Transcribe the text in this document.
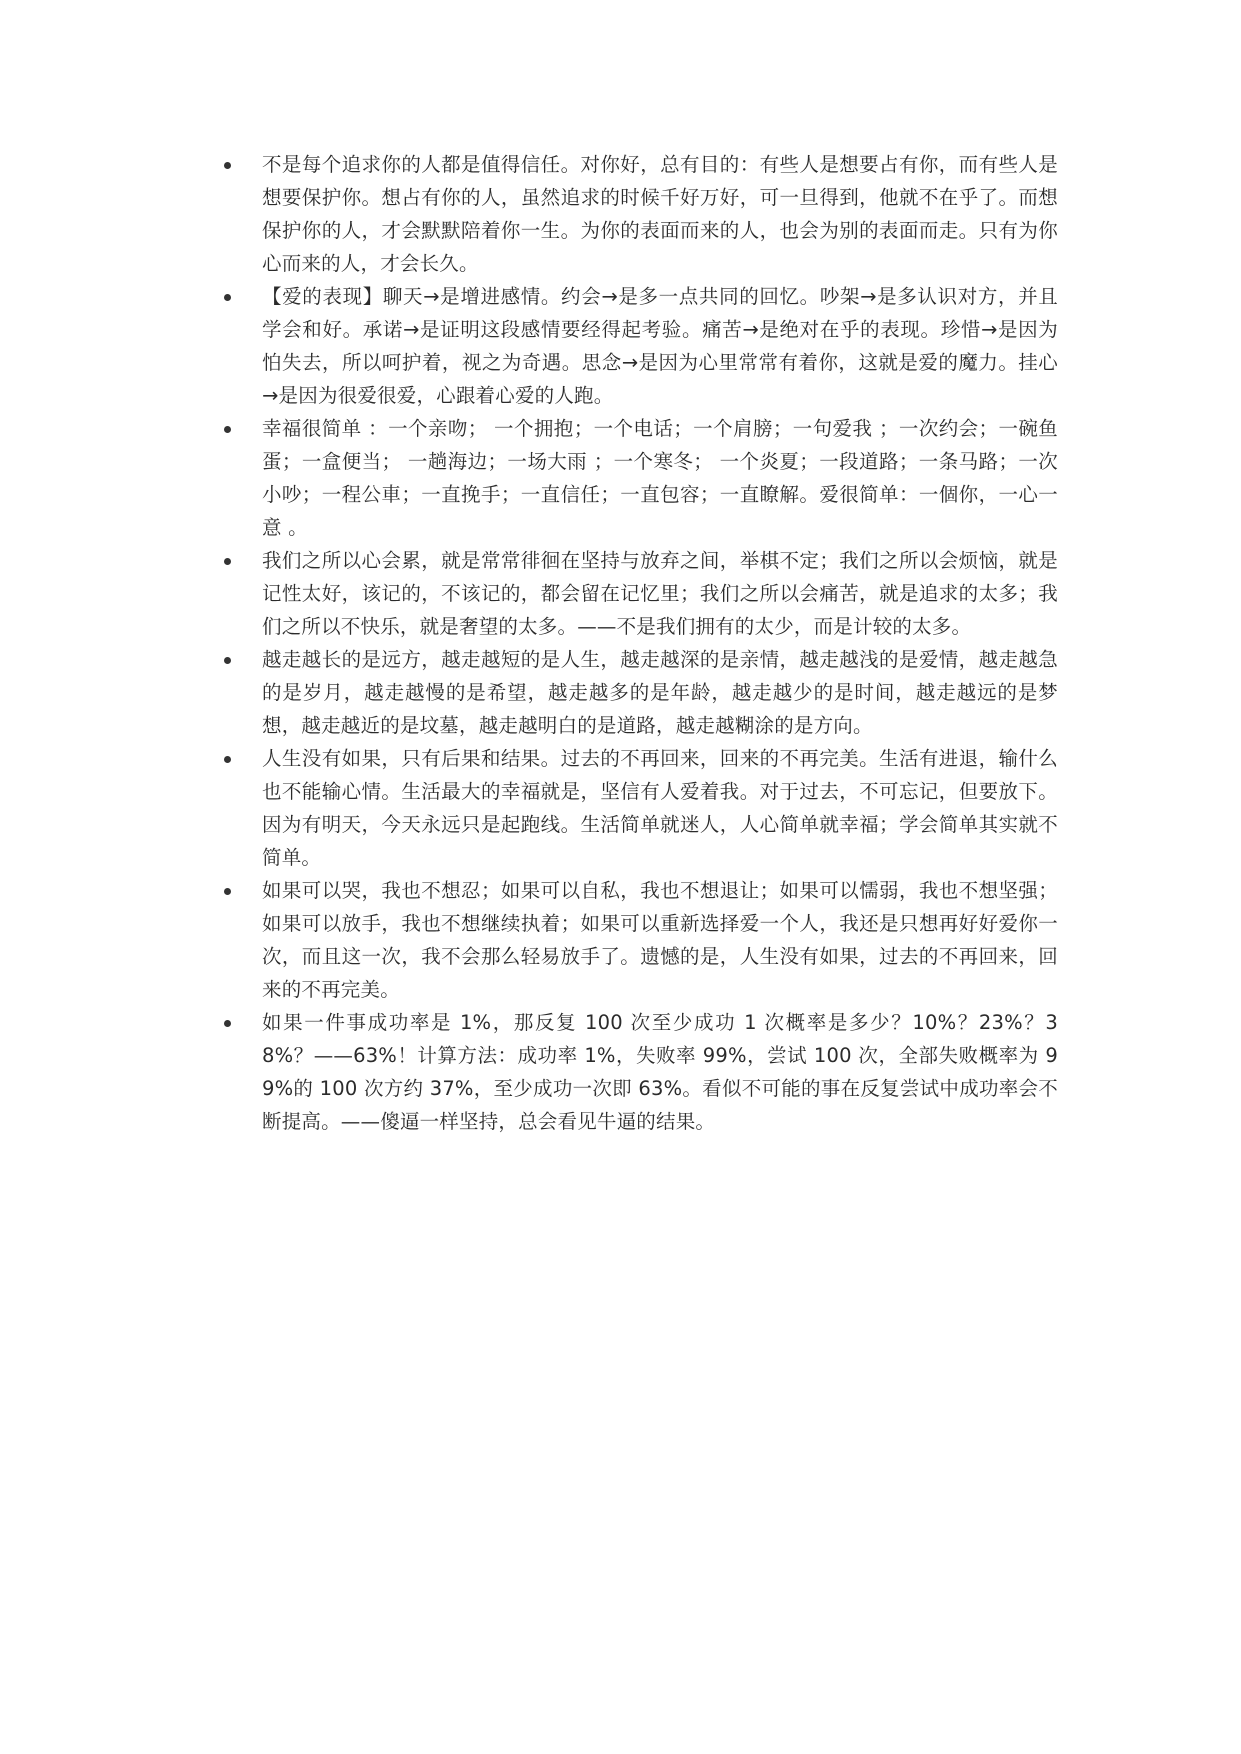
不是每个追求你的人都是值得信任。对你好，总有目的：有些人是想要占有你，而有些人是想要保护你。想占有你的人，虽然追求的时候千好万好，可一旦得到，他就不在乎了。而想保护你的人，才会默默陪着你一生。为你的表面而来的人，也会为别的表面而走。只有为你心而来的人，才会长久。
【爱的表现】聊天→是增进感情。约会→是多一点共同的回忆。吵架→是多认识对方，并且学会和好。承诺→是证明这段感情要经得起考验。痛苦→是绝对在乎的表现。珍惜→是因为怕失去，所以呵护着，视之为奇遇。思念→是因为心里常常有着你，这就是爱的魔力。挂心→是因为很爱很爱，心跟着心爱的人跑。
幸福很简单 ：一个亲吻； 一个拥抱；一个电话；一个肩膀；一句爱我 ；一次约会；一碗鱼蛋；一盒便当； 一趟海边；一场大雨 ；一个寒冬； 一个炎夏；一段道路；一条马路；一次小吵；一程公車；一直挽手；一直信任；一直包容；一直瞭解。爱很简单：一個你，一心一意 。
我们之所以心会累，就是常常徘徊在坚持与放弃之间，举棋不定；我们之所以会烦恼，就是记性太好，该记的，不该记的，都会留在记忆里；我们之所以会痛苦，就是追求的太多；我们之所以不快乐，就是奢望的太多。——不是我们拥有的太少，而是计较的太多。
越走越长的是远方，越走越短的是人生，越走越深的是亲情，越走越浅的是爱情，越走越急的是岁月，越走越慢的是希望，越走越多的是年龄，越走越少的是时间，越走越远的是梦想，越走越近的是坟墓，越走越明白的是道路，越走越糊涂的是方向。
人生没有如果，只有后果和结果。过去的不再回来，回来的不再完美。生活有进退，输什么也不能输心情。生活最大的幸福就是，坚信有人爱着我。对于过去，不可忘记，但要放下。因为有明天，今天永远只是起跑线。生活简单就迷人，人心简单就幸福；学会简单其实就不简单。
如果可以哭，我也不想忍；如果可以自私，我也不想退让；如果可以懦弱，我也不想坚强；如果可以放手，我也不想继续执着；如果可以重新选择爱一个人，我还是只想再好好爱你一次，而且这一次，我不会那么轻易放手了。遗憾的是，人生没有如果，过去的不再回来，回来的不再完美。
如果一件事成功率是 1%，那反复 100 次至少成功 1 次概率是多少？10%？23%？38%？——63%！计算方法：成功率 1%，失败率 99%，尝试 100 次，全部失败概率为 99%的 100 次方约 37%，至少成功一次即 63%。看似不可能的事在反复尝试中成功率会不断提高。——傻逼一样坚持，总会看见牛逼的结果。
